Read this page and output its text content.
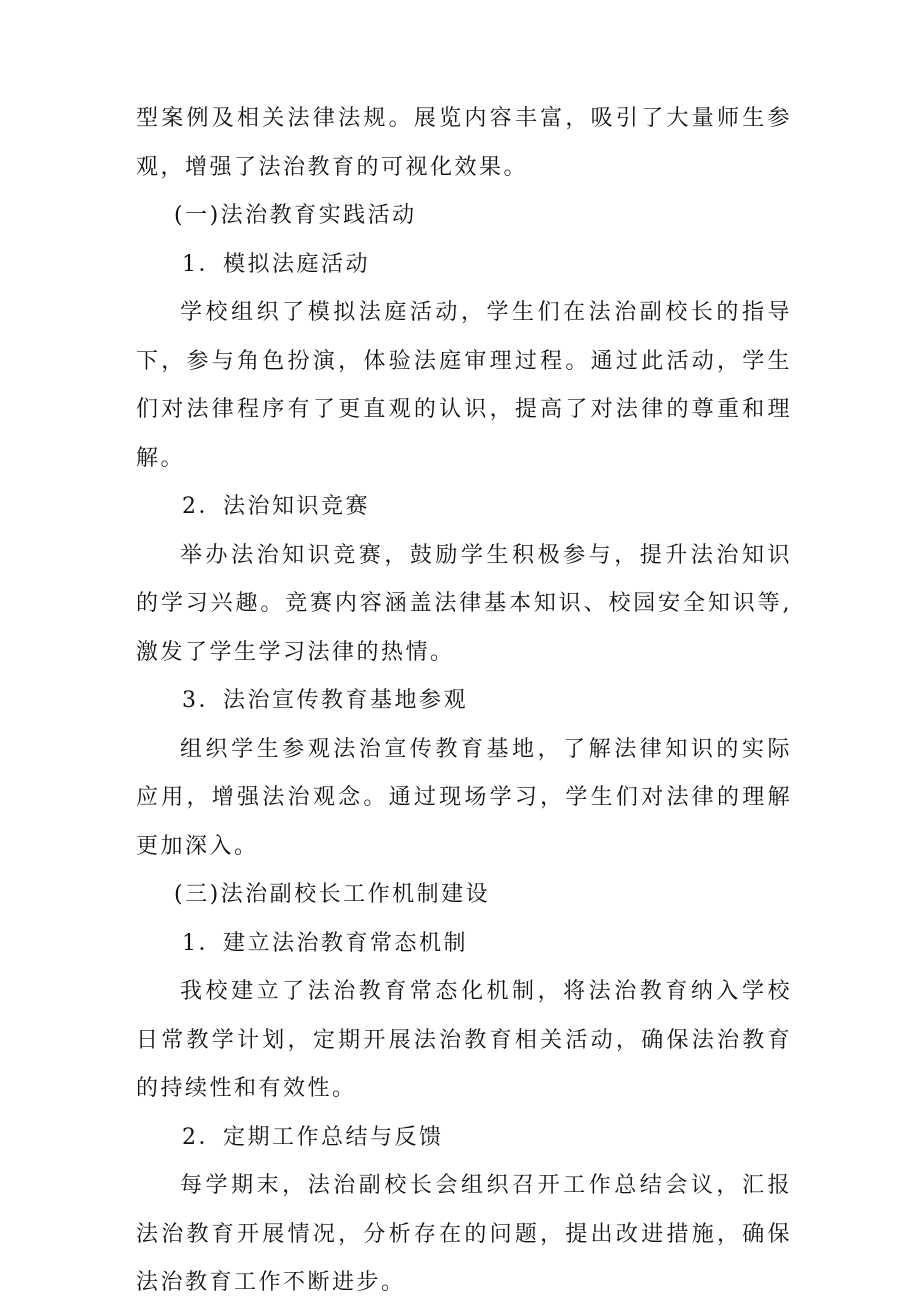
型案例及相关法律法规。展览内容丰富，吸引了大量师生参观，增强了法治教育的可视化效果。

(一)法治教育实践活动

1．模拟法庭活动

学校组织了模拟法庭活动，学生们在法治副校长的指导下，参与角色扮演，体验法庭审理过程。通过此活动，学生们对法律程序有了更直观的认识，提高了对法律的尊重和理解。

2．法治知识竞赛

举办法治知识竞赛，鼓励学生积极参与，提升法治知识的学习兴趣。竞赛内容涵盖法律基本知识、校园安全知识等,激发了学生学习法律的热情。

3．法治宣传教育基地参观

组织学生参观法治宣传教育基地，了解法律知识的实际应用，增强法治观念。通过现场学习，学生们对法律的理解更加深入。

(三)法治副校长工作机制建设

1．建立法治教育常态机制

我校建立了法治教育常态化机制，将法治教育纳入学校日常教学计划，定期开展法治教育相关活动，确保法治教育的持续性和有效性。

2．定期工作总结与反馈

每学期末，法治副校长会组织召开工作总结会议，汇报法治教育开展情况，分析存在的问题，提出改进措施，确保法治教育工作不断进步。
